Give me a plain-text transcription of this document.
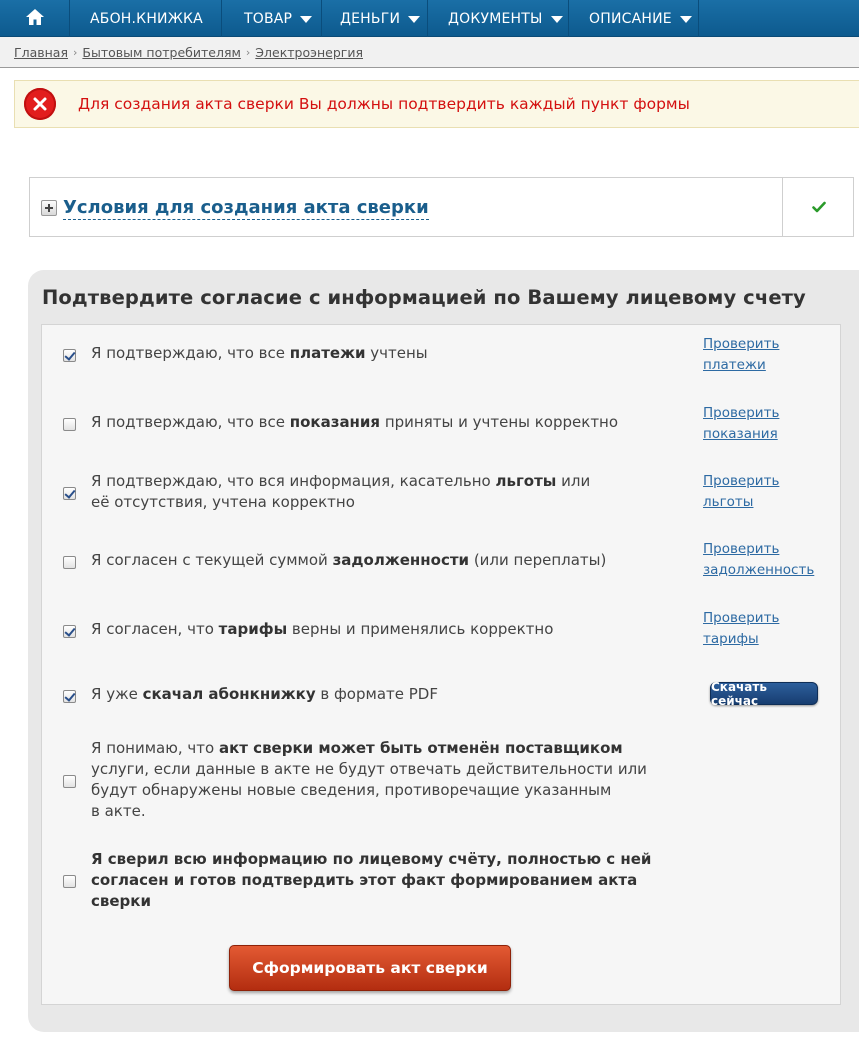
АБОН.КНИЖКА	ТОВАР	ДЕНЬГИ	ДОКУМЕНТЫ	ОПИСАНИЕ
Главная › Бытовым потребителям › Электроэнергия
Для создания акта сверки Вы должны подтвердить каждый пункт формы
Условия для создания акта сверки
Подтвердите согласие с информацией по Вашему лицевому счету
Я подтверждаю, что все платежи учтены	Проверить
платежи
Я подтверждаю, что все показания приняты и учтены корректно	Проверить
показания
Я подтверждаю, что вся информация, касательно льготы или
её отсутствия, учтена корректно
Проверить
льготы
Я согласен с текущей суммой задолженности (или переплаты)
Проверить
задолженность
Я согласен, что тарифы верны и применялись корректно
Проверить
тарифы
Я уже скачал абонкнижку в формате PDF	Скачать сейчас
Я понимаю, что акт сверки может быть отменён поставщиком
услуги, если данные в акте не будут отвечать действительности или
будут обнаружены новые сведения, противоречащие указанным
в акте.
Я сверил всю информацию по лицевому счёту, полностью с ней
согласен и готов подтвердить этот факт формированием акта
сверки
Сформировать акт сверки
